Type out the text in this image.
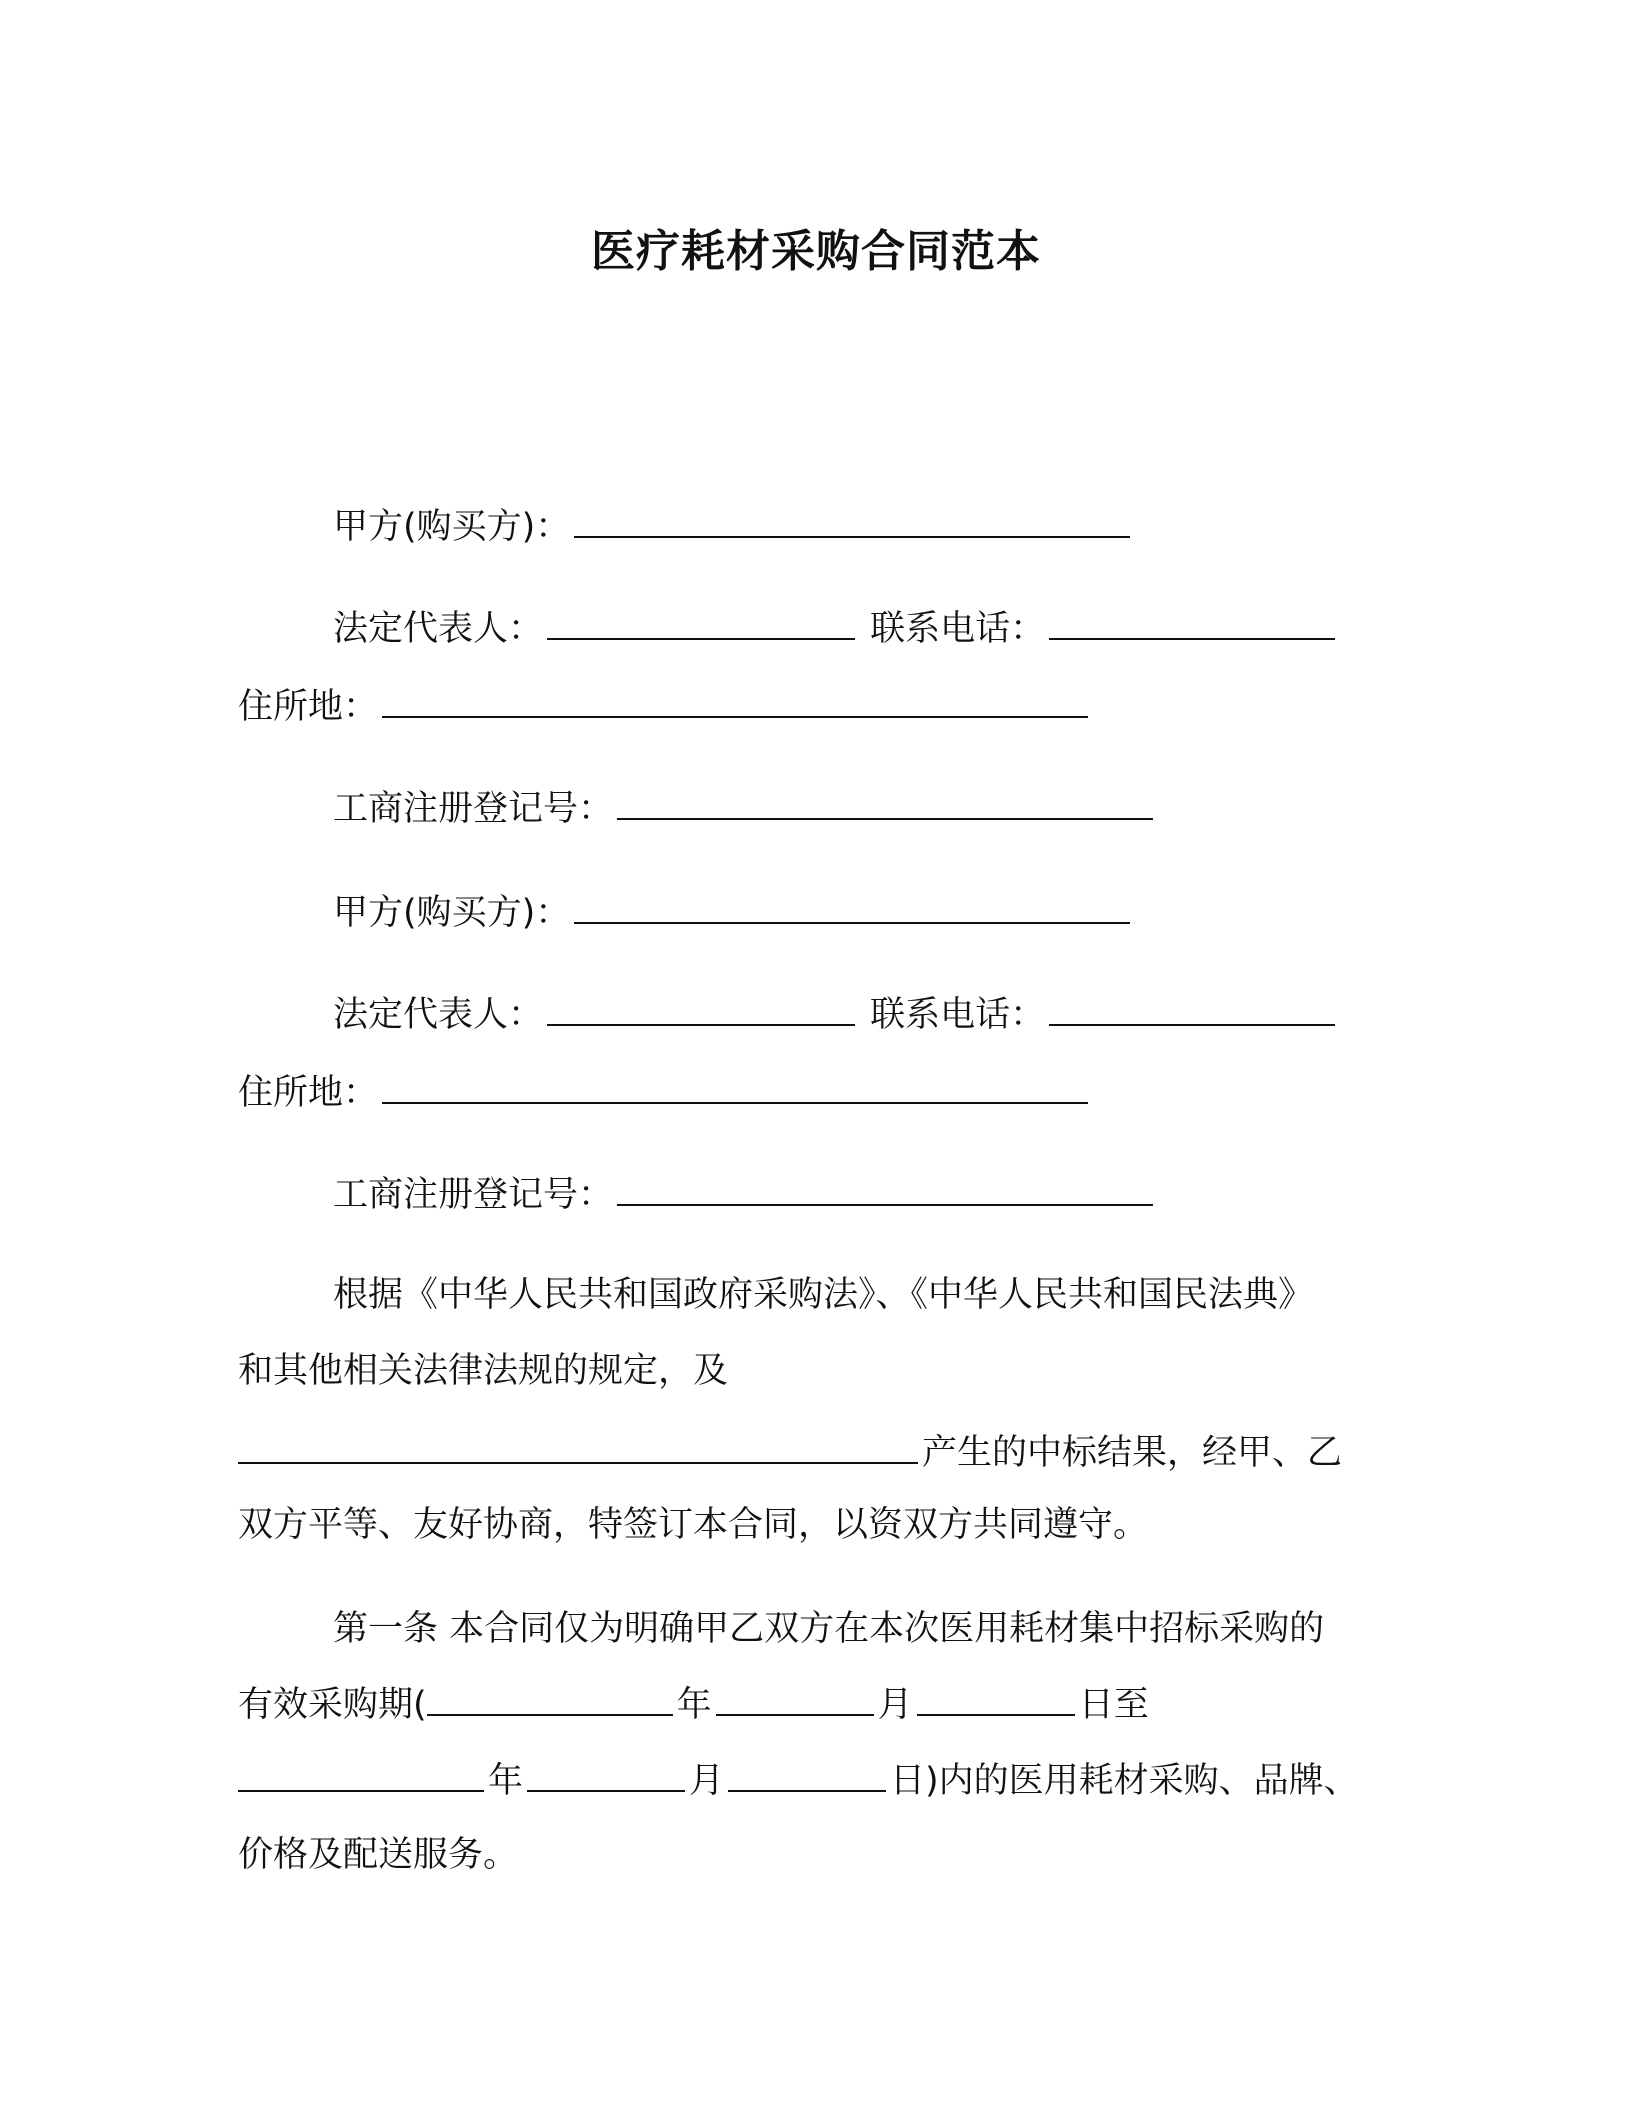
医疗耗材采购合同范本
甲方(购买方)：
法定代表人：	联系电话：
住所地：
工商注册登记号：
甲方(购买方)：
法定代表人：	联系电话：
住所地：
工商注册登记号：
根据《中华人民共和国政府采购法》、《中华人民共和国民法典》
和其他相关法律法规的规定，及
产生的中标结果，经甲、乙
双方平等、友好协商，特签订本合同，以资双方共同遵守。
第一条 本合同仅为明确甲乙双方在本次医用耗材集中招标采购的
有效采购期(	年	月	日至
年	月	日)内的医用耗材采购、品牌、
价格及配送服务。
